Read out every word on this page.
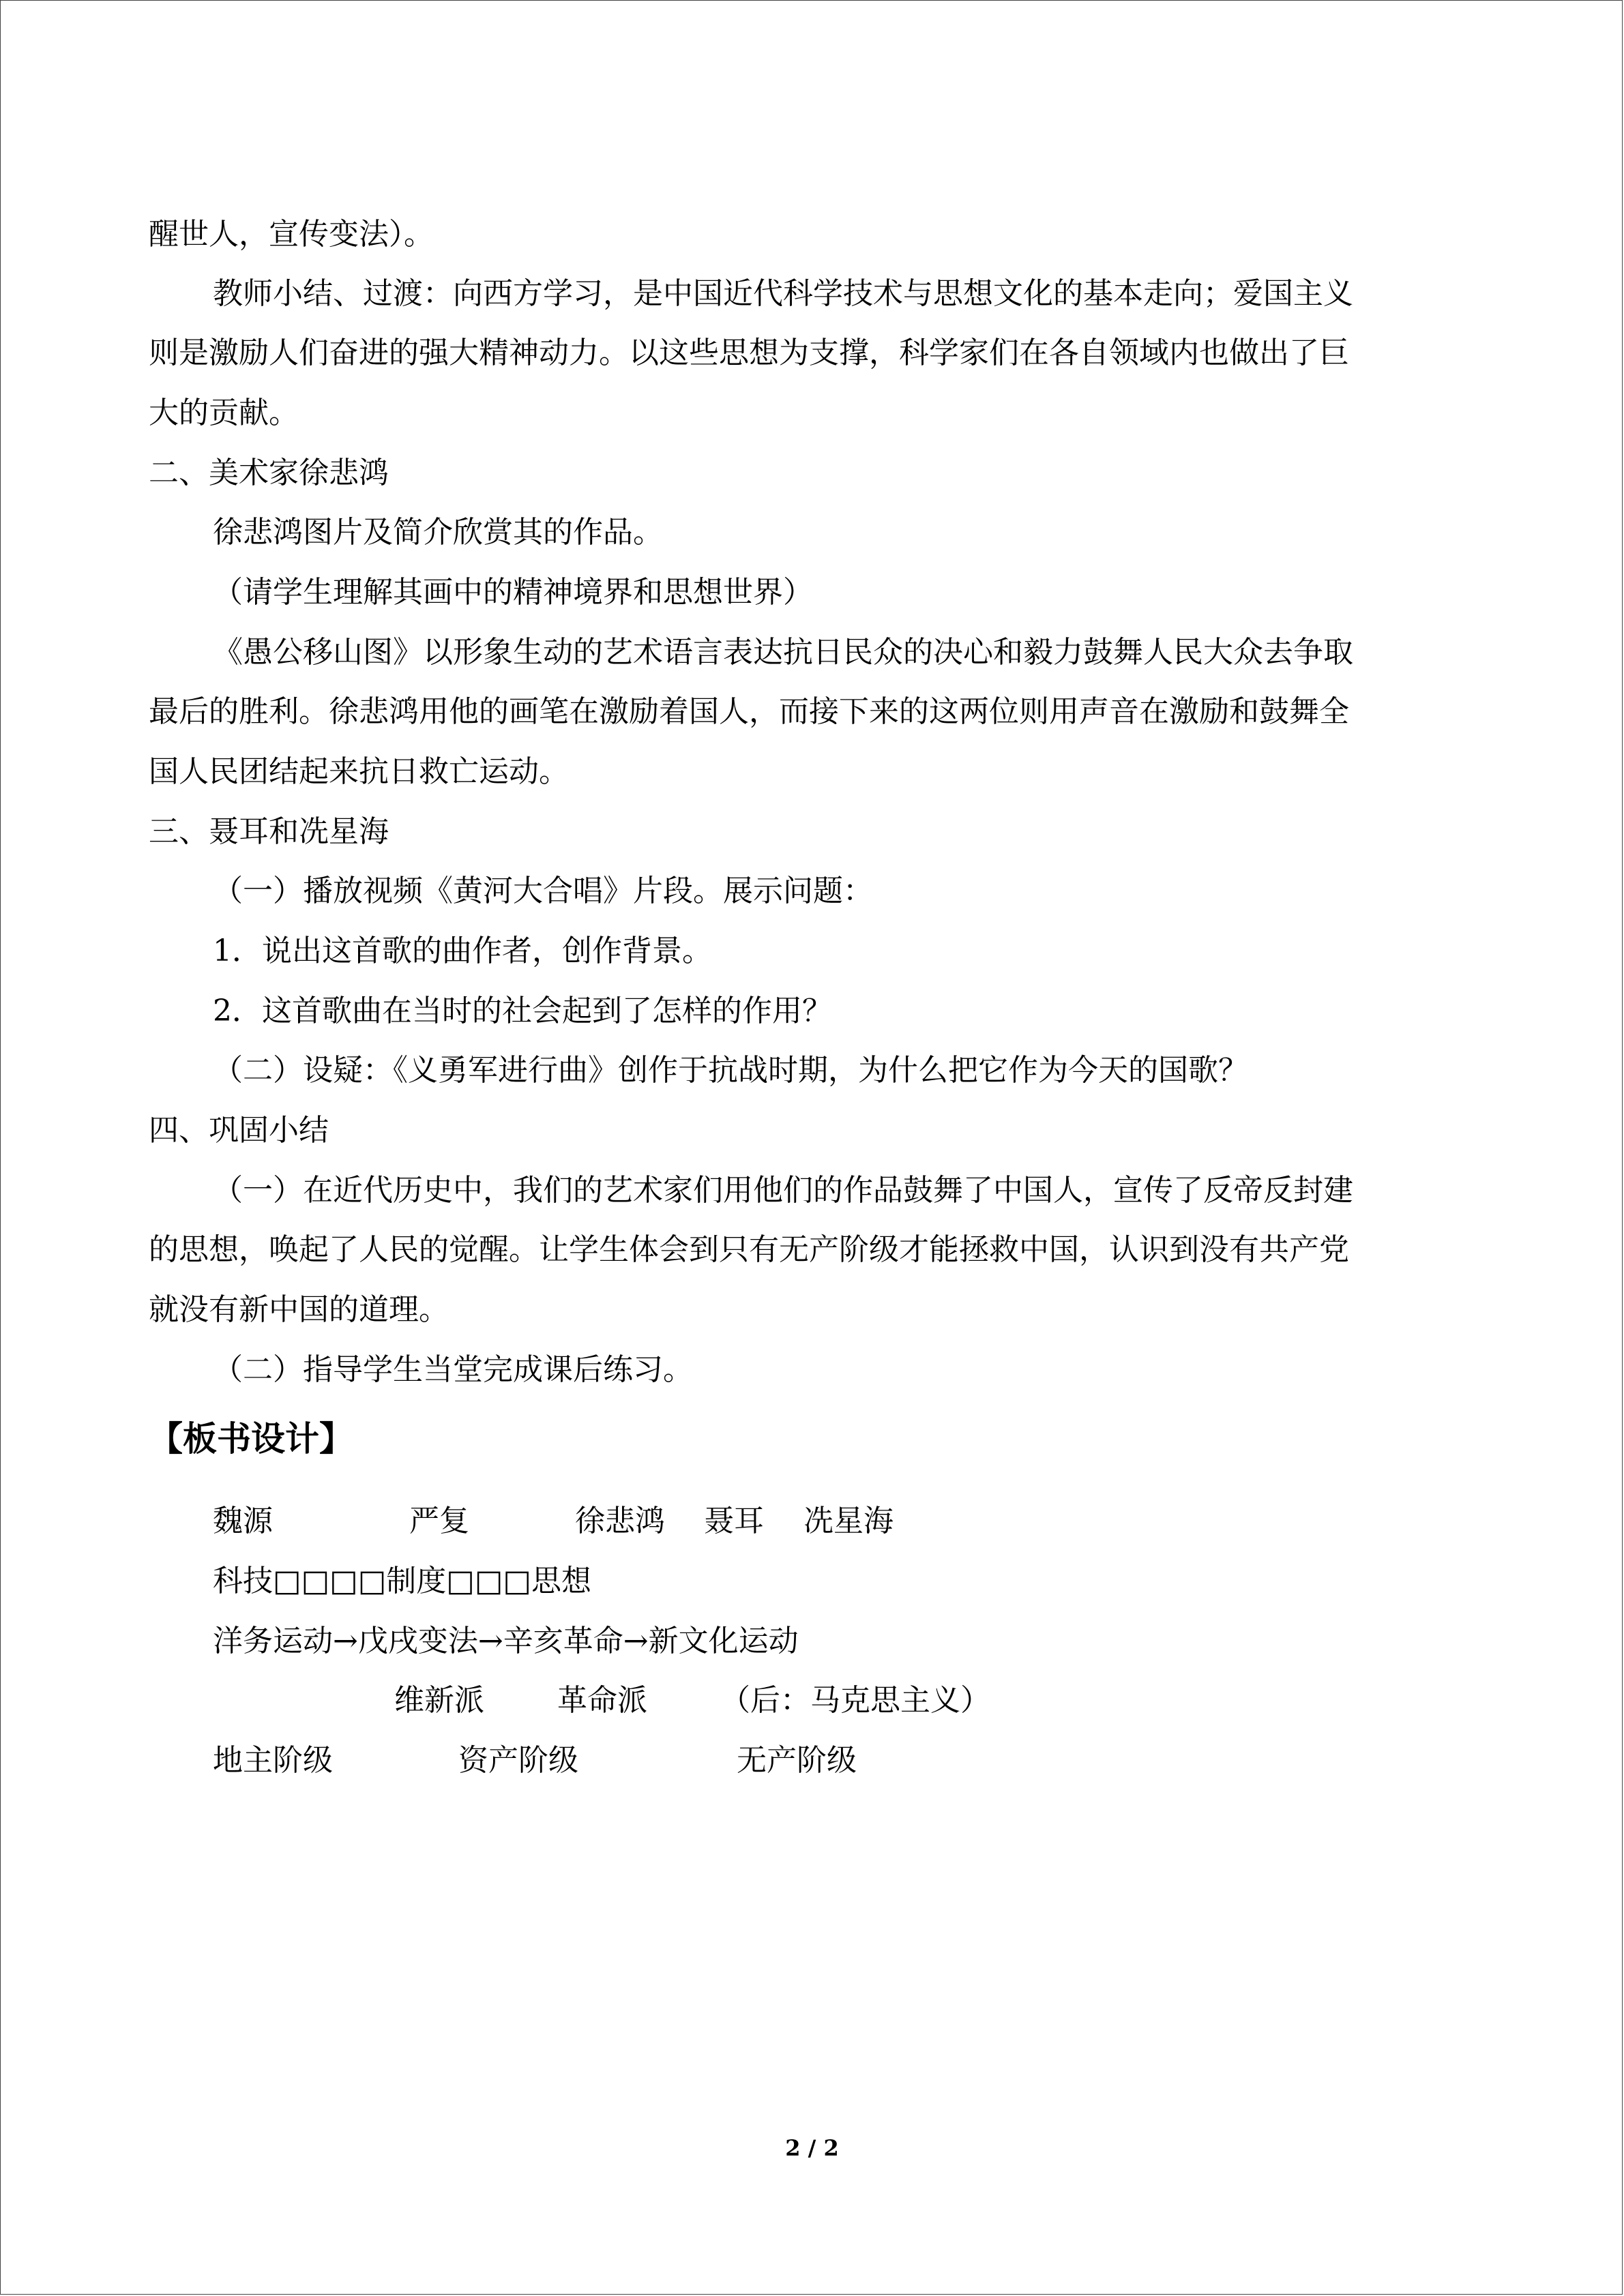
醒世人，宣传变法）。
教师小结、过渡：向西方学习，是中国近代科学技术与思想文化的基本走向；爱国主义
则是激励人们奋进的强大精神动力。以这些思想为支撑，科学家们在各自领域内也做出了巨
大的贡献。
二、美术家徐悲鸿
徐悲鸿图片及简介欣赏其的作品。
（请学生理解其画中的精神境界和思想世界）
《愚公移山图》以形象生动的艺术语言表达抗日民众的决心和毅力鼓舞人民大众去争取
最后的胜利。徐悲鸿用他的画笔在激励着国人，而接下来的这两位则用声音在激励和鼓舞全
国人民团结起来抗日救亡运动。
三、聂耳和冼星海
（一）播放视频《黄河大合唱》片段。展示问题：
1．说出这首歌的曲作者，创作背景。
2．这首歌曲在当时的社会起到了怎样的作用？
（二）设疑：《义勇军进行曲》创作于抗战时期，为什么把它作为今天的国歌？
四、巩固小结
（一）在近代历史中，我们的艺术家们用他们的作品鼓舞了中国人，宣传了反帝反封建
的思想，唤起了人民的觉醒。让学生体会到只有无产阶级才能拯救中国，认识到没有共产党
就没有新中国的道理。
（二）指导学生当堂完成课后练习。
【板书设计】
魏源	严复	徐悲鸿 聂耳 冼星海
科技□□□□制度□□□思想
洋务运动→戊戌变法→辛亥革命→新文化运动
维新派 革命派 （后：马克思主义）
地主阶级	资产阶级	无产阶级
2 / 2
